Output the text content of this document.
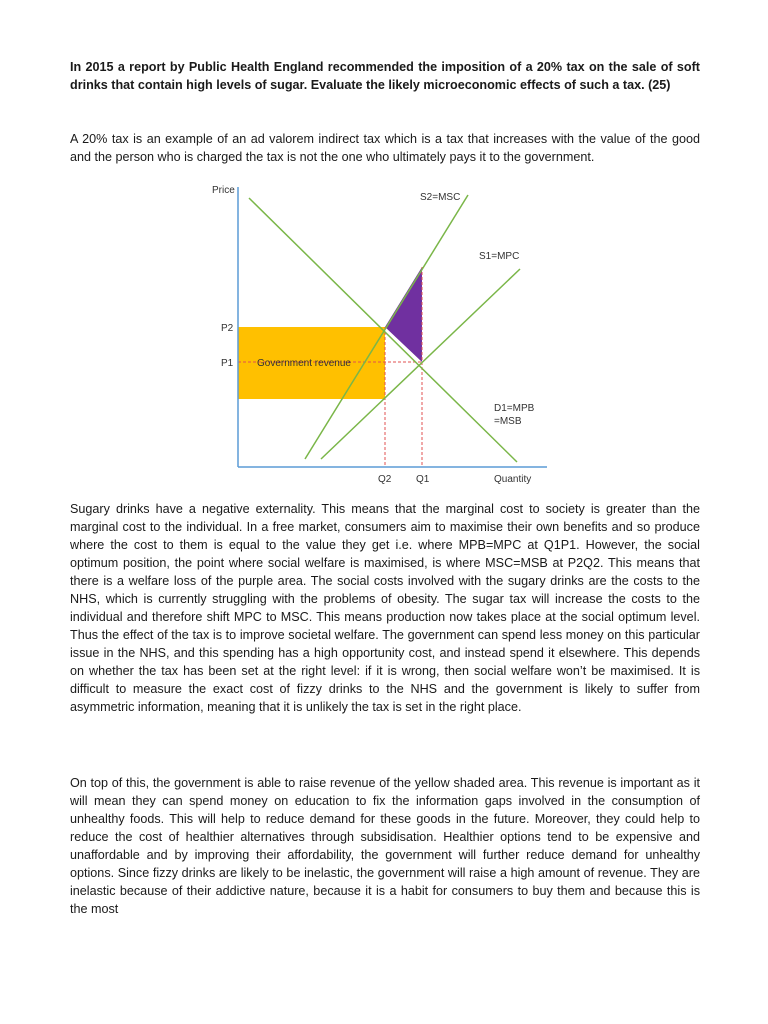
In 2015 a report by Public Health England recommended the imposition of a 20% tax on the sale of soft drinks that contain high levels of sugar. Evaluate the likely microeconomic effects of such a tax. (25)

A 20% tax is an example of an ad valorem indirect tax which is a tax that increases with the value of the good and the person who is charged the tax is not the one who ultimately pays it to the government.

Sugary drinks have a negative externality. This means that the marginal cost to society is greater than the marginal cost to the individual. In a free market, consumers aim to maximise their own benefits and so produce where the cost to them is equal to the value they get i.e. where MPB=MPC at Q1P1. However, the social optimum position, the point where social welfare is maximised, is where MSC=MSB at P2Q2. This means that there is a welfare loss of the purple area. The social costs involved with the sugary drinks are the costs to the NHS, which is currently struggling with the problems of obesity. The sugar tax will increase the costs to the individual and therefore shift MPC to MSC. This means production now takes place at the social optimum level. Thus the effect of the tax is to improve societal welfare. The government can spend less money on this particular issue in the NHS, and this spending has a high opportunity cost, and instead spend it elsewhere. This depends on whether the tax has been set at the right level: if it is wrong, then social welfare won’t be maximised. It is difficult to measure the exact cost of fizzy drinks to the NHS and the government is likely to suffer from asymmetric information, meaning that it is unlikely the tax is set in the right place.

On top of this, the government is able to raise revenue of the yellow shaded area. This revenue is important as it will mean they can spend money on education to fix the information gaps involved in the consumption of unhealthy foods. This will help to reduce demand for these goods in the future. Moreover, they could help to reduce the cost of healthier alternatives through subsidisation. Healthier options tend to be expensive and unaffordable and by improving their affordability, the government will further reduce demand for unhealthy options. Since fizzy drinks are likely to be inelastic, the government will raise a high amount of revenue. They are inelastic because of their addictive nature, because it is a habit for consumers to buy them and because this is the most

Price
Quantity
S2=MSC
S1=MPC
D1=MPB
=MSB
P2
P1
Q2 Q1
Government revenue
